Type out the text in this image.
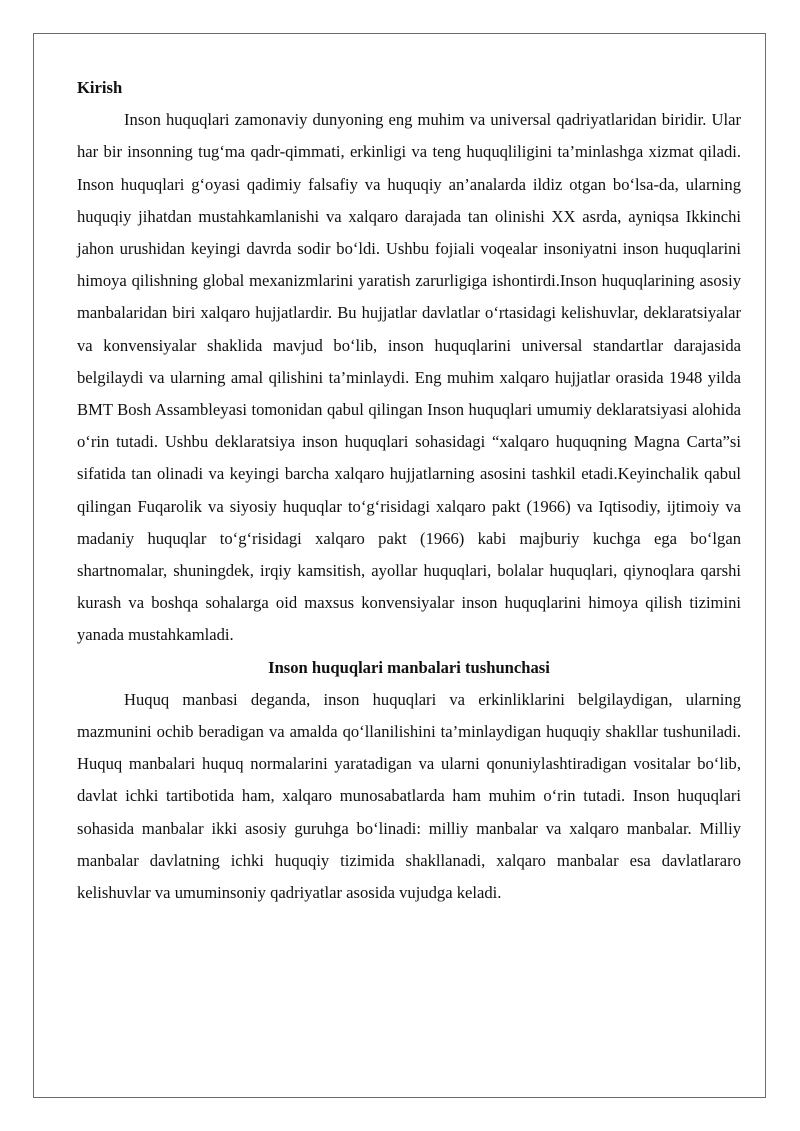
Kirish

Inson huquqlari zamonaviy dunyoning eng muhim va universal qadriyatlaridan biridir. Ular har bir insonning tug‘ma qadr-qimmati, erkinligi va teng huquqliligini ta’minlashga xizmat qiladi. Inson huquqlari g‘oyasi qadimiy falsafiy va huquqiy an’analarda ildiz otgan bo‘lsa-da, ularning huquqiy jihatdan mustahkamlanishi va xalqaro darajada tan olinishi XX asrda, ayniqsa Ikkinchi jahon urushidan keyingi davrda sodir bo‘ldi. Ushbu fojiali voqealar insoniyatni inson huquqlarini himoya qilishning global mexanizmlarini yaratish zarurligiga ishontirdi.Inson huquqlarining asosiy manbalaridan biri xalqaro hujjatlardir. Bu hujjatlar davlatlar o‘rtasidagi kelishuvlar, deklaratsiyalar va konvensiyalar shaklida mavjud bo‘lib, inson huquqlarini universal standartlar darajasida belgilaydi va ularning amal qilishini ta’minlaydi. Eng muhim xalqaro hujjatlar orasida 1948 yilda BMT Bosh Assambleyasi tomonidan qabul qilingan Inson huquqlari umumiy deklaratsiyasi alohida o‘rin tutadi. Ushbu deklaratsiya inson huquqlari sohasidagi “xalqaro huquqning Magna Carta”si sifatida tan olinadi va keyingi barcha xalqaro hujjatlarning asosini tashkil etadi.Keyinchalik qabul qilingan Fuqarolik va siyosiy huquqlar to‘g‘risidagi xalqaro pakt (1966) va Iqtisodiy, ijtimoiy va madaniy huquqlar to‘g‘risidagi xalqaro pakt (1966) kabi majburiy kuchga ega bo‘lgan shartnomalar, shuningdek, irqiy kamsitish, ayollar huquqlari, bolalar huquqlari, qiynoqlara qarshi kurash va boshqa sohalarga oid maxsus konvensiyalar inson huquqlarini himoya qilish tizimini yanada mustahkamladi.

Inson huquqlari manbalari tushunchasi

Huquq manbasi deganda, inson huquqlari va erkinliklarini belgilaydigan, ularning mazmunini ochib beradigan va amalda qo‘llanilishini ta’minlaydigan huquqiy shakllar tushuniladi. Huquq manbalari huquq normalarini yaratadigan va ularni qonuniylashtiradigan vositalar bo‘lib, davlat ichki tartibotida ham, xalqaro munosabatlarda ham muhim o‘rin tutadi. Inson huquqlari sohasida manbalar ikki asosiy guruhga bo‘linadi: milliy manbalar va xalqaro manbalar. Milliy manbalar davlatning ichki huquqiy tizimida shakllanadi, xalqaro manbalar esa davlatlararo kelishuvlar va umuminsoniy qadriyatlar asosida vujudga keladi.
